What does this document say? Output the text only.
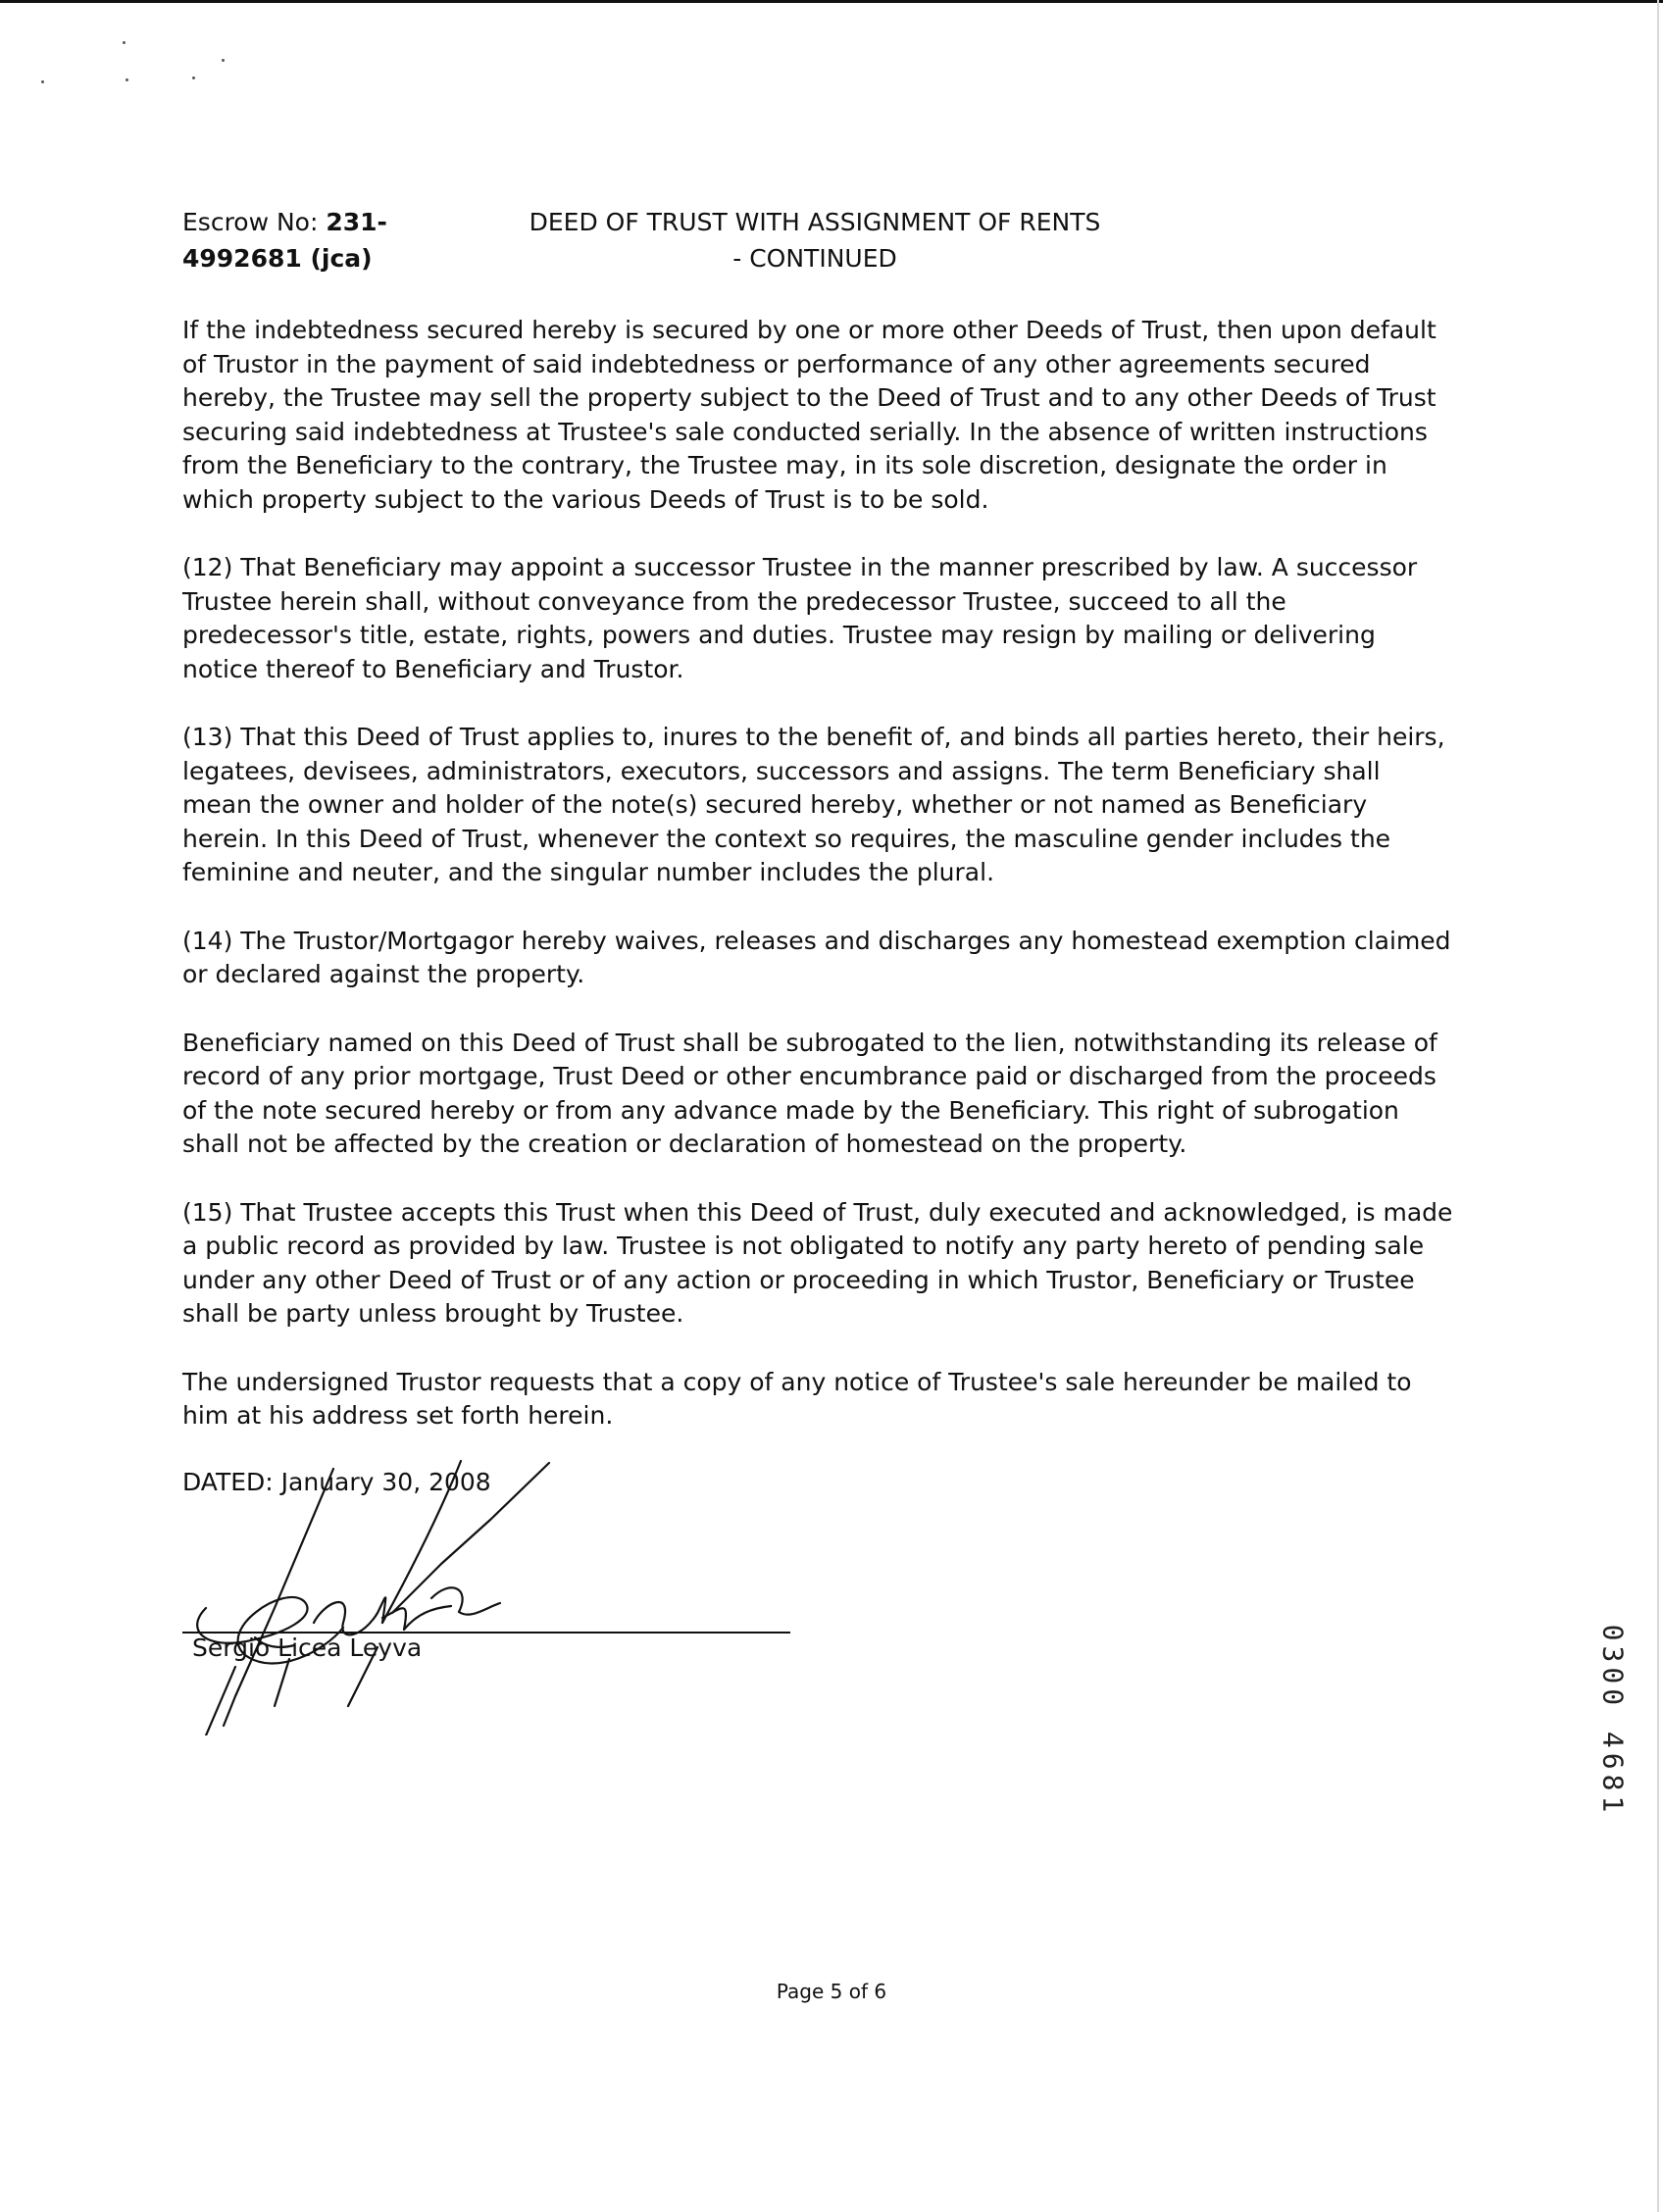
Escrow No: 231-
4992681 (jca)
DEED OF TRUST WITH ASSIGNMENT OF RENTS
- CONTINUED

If the indebtedness secured hereby is secured by one or more other Deeds of Trust, then upon default of Trustor in the payment of said indebtedness or performance of any other agreements secured hereby, the Trustee may sell the property subject to the Deed of Trust and to any other Deeds of Trust securing said indebtedness at Trustee's sale conducted serially. In the absence of written instructions from the Beneficiary to the contrary, the Trustee may, in its sole discretion, designate the order in which property subject to the various Deeds of Trust is to be sold.

(12) That Beneficiary may appoint a successor Trustee in the manner prescribed by law. A successor Trustee herein shall, without conveyance from the predecessor Trustee, succeed to all the predecessor's title, estate, rights, powers and duties. Trustee may resign by mailing or delivering notice thereof to Beneficiary and Trustor.

(13) That this Deed of Trust applies to, inures to the benefit of, and binds all parties hereto, their heirs, legatees, devisees, administrators, executors, successors and assigns. The term Beneficiary shall mean the owner and holder of the note(s) secured hereby, whether or not named as Beneficiary herein. In this Deed of Trust, whenever the context so requires, the masculine gender includes the feminine and neuter, and the singular number includes the plural.

(14) The Trustor/Mortgagor hereby waives, releases and discharges any homestead exemption claimed or declared against the property.

Beneficiary named on this Deed of Trust shall be subrogated to the lien, notwithstanding its release of record of any prior mortgage, Trust Deed or other encumbrance paid or discharged from the proceeds of the note secured hereby or from any advance made by the Beneficiary. This right of subrogation shall not be affected by the creation or declaration of homestead on the property.

(15) That Trustee accepts this Trust when this Deed of Trust, duly executed and acknowledged, is made a public record as provided by law. Trustee is not obligated to notify any party hereto of pending sale under any other Deed of Trust or of any action or proceeding in which Trustor, Beneficiary or Trustee shall be party unless brought by Trustee.

The undersigned Trustor requests that a copy of any notice of Trustee's sale hereunder be mailed to him at his address set forth herein.

DATED: January 30, 2008
Sergio Licea Leyva
Page 5 of 6
0300 4681
